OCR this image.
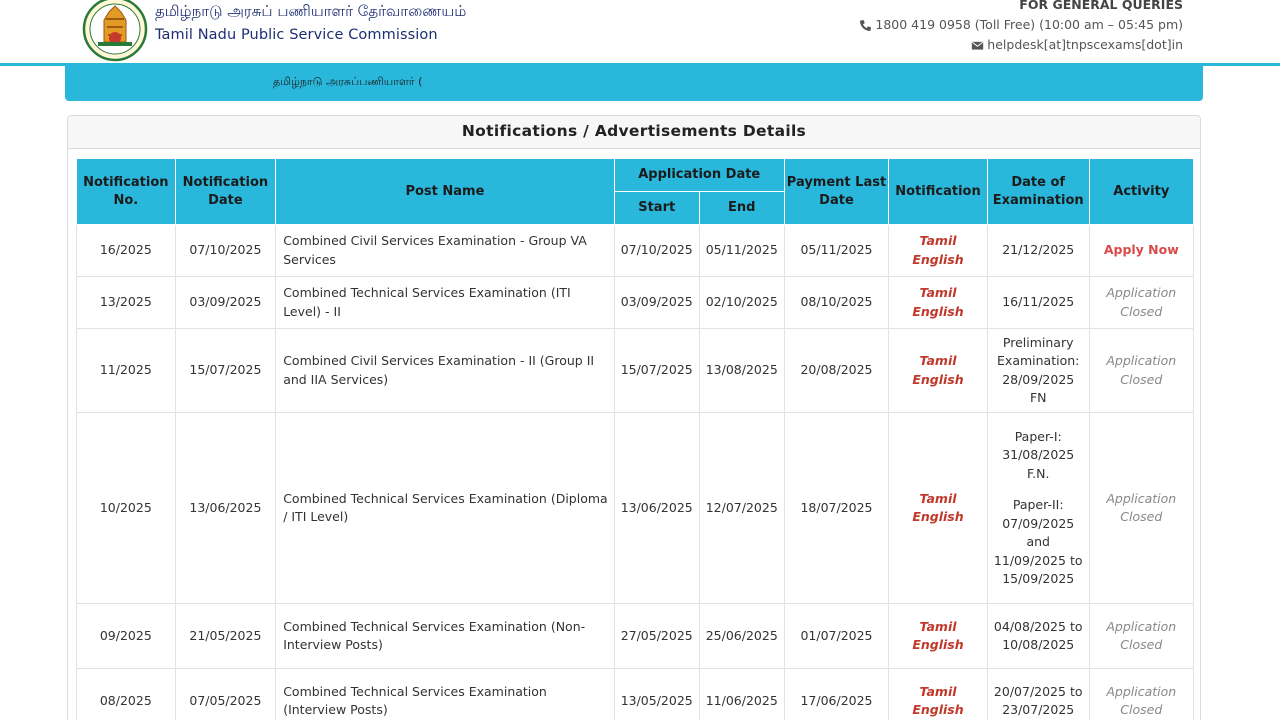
தமிழ்நாடு அரசுப் பணியாளர் தேர்வாணையம்
Tamil Nadu Public Service Commission
FOR GENERAL QUERIES
1800 419 0958 (Toll Free) (10:00 am – 05:45 pm)
helpdesk[at]tnpscexams[dot]in
தமிழ்நாடு அரசுப்பணியாளர் (
Notifications / Advertisements Details
Notification No.	Notification Date	Post Name	Application Date		Payment Last Date	Notification	Date of Examination	Activity
			Start	End				
16/2025	07/10/2025	Combined Civil Services Examination - Group VA Services	07/10/2025	05/11/2025	05/11/2025	Tamil
English	21/12/2025	Apply Now
13/2025	03/09/2025	Combined Technical Services Examination (ITI Level) - II	03/09/2025	02/10/2025	08/10/2025	Tamil
English	16/11/2025	Application Closed
11/2025	15/07/2025	Combined Civil Services Examination - II (Group II and IIA Services)	15/07/2025	13/08/2025	20/08/2025	Tamil
English	Preliminary Examination: 28/09/2025 FN	Application Closed
10/2025	13/06/2025	Combined Technical Services Examination (Diploma / ITI Level)	13/06/2025	12/07/2025	18/07/2025	Tamil
English	Paper-I: 31/08/2025 F.N.
Paper-II: 07/09/2025 and 11/09/2025 to 15/09/2025	Application Closed
09/2025	21/05/2025	Combined Technical Services Examination (Non-Interview Posts)	27/05/2025	25/06/2025	01/07/2025	Tamil
English	04/08/2025 to 10/08/2025	Application Closed
08/2025	07/05/2025	Combined Technical Services Examination (Interview Posts)	13/05/2025	11/06/2025	17/06/2025	Tamil
English	20/07/2025 to 23/07/2025	Application Closed
